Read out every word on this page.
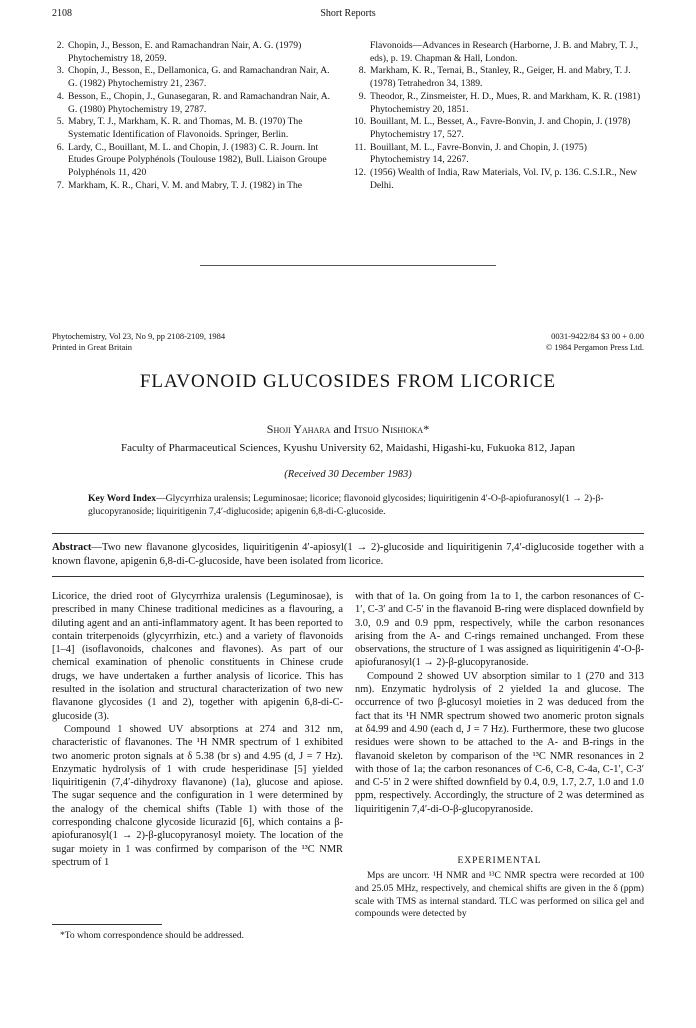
2108	Short Reports
2. Chopin, J., Besson, E. and Ramachandran Nair, A. G. (1979) Phytochemistry 18, 2059.
3. Chopin, J., Besson, E., Dellamonica, G. and Ramachandran Nair, A. G. (1982) Phytochemistry 21, 2367.
4. Besson, E., Chopin, J., Gunasegaran, R. and Ramachandran Nair, A. G. (1980) Phytochemistry 19, 2787.
5. Mabry, T. J., Markham, K. R. and Thomas, M. B. (1970) The Systematic Identification of Flavonoids. Springer, Berlin.
6. Lardy, C., Bouillant, M. L. and Chopin, J. (1983) C. R. Journ. Int Etudes Groupe Polyphénols (Toulouse 1982), Bull. Liaison Groupe Polyphénols 11, 420
7. Markham, K. R., Chari, V. M. and Mabry, T. J. (1982) in The
Flavonoids—Advances in Research (Harborne, J. B. and Mabry, T. J., eds), p. 19. Chapman & Hall, London.
8. Markham, K. R., Ternai, B., Stanley, R., Geiger, H. and Mabry, T. J. (1978) Tetrahedron 34, 1389.
9. Theodor, R., Zinsmeister, H. D., Mues, R. and Markham, K. R. (1981) Phytochemistry 20, 1851.
10. Bouillant, M. L., Besset, A., Favre-Bonvin, J. and Chopin, J. (1978) Phytochemistry 17, 527.
11. Bouillant, M. L., Favre-Bonvin, J. and Chopin, J. (1975) Phytochemistry 14, 2267.
12. (1956) Wealth of India, Raw Materials, Vol. IV, p. 136. C.S.I.R., New Delhi.
Phytochemistry, Vol 23, No 9, pp 2108-2109, 1984
Printed in Great Britain
0031-9422/84 $3 00 + 0.00
© 1984 Pergamon Press Ltd.
FLAVONOID GLUCOSIDES FROM LICORICE
Shoji Yahara and Itsuo Nishioka*
Faculty of Pharmaceutical Sciences, Kyushu University 62, Maidashi, Higashi-ku, Fukuoka 812, Japan
(Received 30 December 1983)
Key Word Index—Glycyrrhiza uralensis; Leguminosae; licorice; flavonoid glycosides; liquiritigenin 4′-O-β-apiofuranosyl(1 → 2)-β-glucopyranoside; liquiritigenin 7,4′-diglucoside; apigenin 6,8-di-C-glucoside.
Abstract—Two new flavanone glycosides, liquiritigenin 4′-apiosyl(1 → 2)-glucoside and liquiritigenin 7,4′-diglucoside together with a known flavone, apigenin 6,8-di-C-glucoside, have been isolated from licorice.

Licorice, the dried root of Glycyrrhiza uralensis (Leguminosae), is prescribed in many Chinese traditional medicines as a flavouring, a diluting agent and an anti-inflammatory agent. It has been reported to contain triterpenoids (glycyrrhizin, etc.) and a variety of flavonoids [1–4] (isoflavonoids, chalcones and flavones). As part of our chemical examination of phenolic constituents in Chinese crude drugs, we have undertaken a further analysis of licorice. This has resulted in the isolation and structural characterization of two new flavanone glycosides (1 and 2), together with apigenin 6,8-di-C-glucoside (3).

Compound 1 showed UV absorptions at 274 and 312 nm, characteristic of flavanones. The ¹H NMR spectrum of 1 exhibited two anomeric proton signals at δ 5.38 (br s) and 4.95 (d, J = 7 Hz). Enzymatic hydrolysis of 1 with crude hesperidinase [5] yielded liquiritigenin (7,4′-dihydroxy flavanone) (1a), glucose and apiose. The sugar sequence and the configuration in 1 were determined by the analogy of the chemical shifts (Table 1) with those of the corresponding chalcone glycoside licurazid [6], which contains a β-apiofuranosyl(1 → 2)-β-glucopyranosyl moiety. The location of the sugar moiety in 1 was confirmed by comparison of the ¹³C NMR spectrum of 1

with that of 1a. On going from 1a to 1, the carbon resonances of C-1′, C-3′ and C-5′ in the flavanoid B-ring were displaced downfield by 3.0, 0.9 and 0.9 ppm, respectively, while the carbon resonances arising from the A- and C-rings remained unchanged. From these observations, the structure of 1 was assigned as liquiritigenin 4′-O-β-apiofuranosyl(1 → 2)-β-glucopyranoside.

Compound 2 showed UV absorption similar to 1 (270 and 313 nm). Enzymatic hydrolysis of 2 yielded 1a and glucose. The occurrence of two β-glucosyl moieties in 2 was deduced from the fact that its ¹H NMR spectrum showed two anomeric proton signals at δ4.99 and 4.90 (each d, J = 7 Hz). Furthermore, these two glucose residues were shown to be attached to the A- and B-rings in the flavanoid skeleton by comparison of the ¹³C NMR resonances in 2 with those of 1a; the carbon resonances of C-6, C-8, C-4a, C-1′, C-3′ and C-5′ in 2 were shifted downfield by 0.4, 0.9, 1.7, 2.7, 1.0 and 1.0 ppm, respectively. Accordingly, the structure of 2 was determined as liquiritigenin 7,4′-di-O-β-glucopyranoside.

EXPERIMENTAL

Mps are uncorr. ¹H NMR and ¹³C NMR spectra were recorded at 100 and 25.05 MHz, respectively, and chemical shifts are given in the δ (ppm) scale with TMS as internal standard. TLC was performed on silica gel and compounds were detected by

*To whom correspondence should be addressed.
